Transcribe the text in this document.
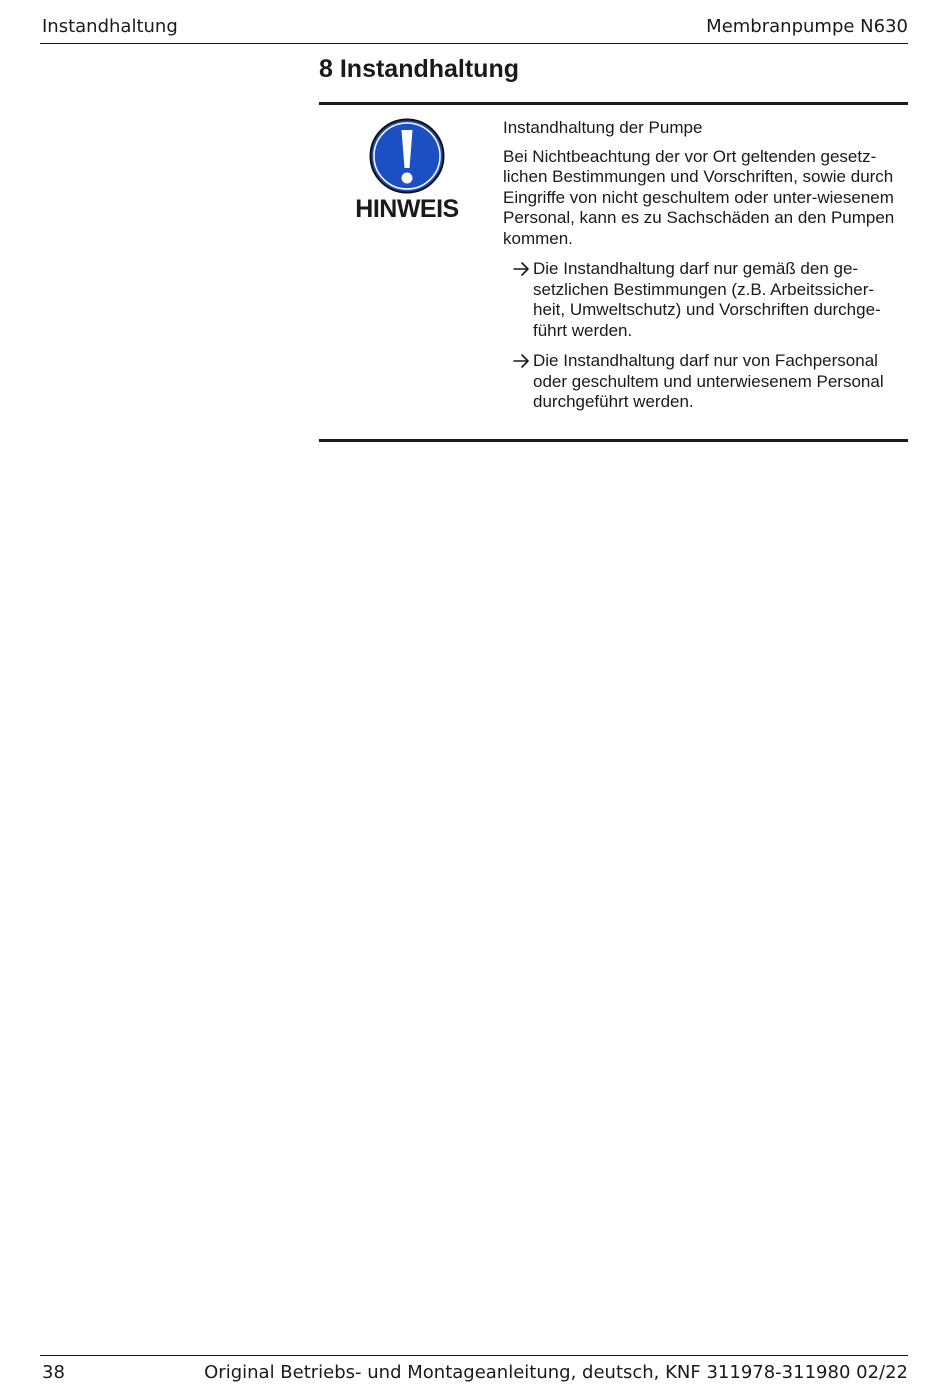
Instandhaltung	Membranpumpe N630
8 Instandhaltung
HINWEIS

Instandhaltung der Pumpe

Bei Nichtbeachtung der vor Ort geltenden gesetz-lichen Bestimmungen und Vorschriften, sowie durch Eingriffe von nicht geschultem oder unter-wiesenem Personal, kann es zu Sachschäden an den Pumpen kommen.

Die Instandhaltung darf nur gemäß den ge-setzlichen Bestimmungen (z.B. Arbeitssicher-heit, Umweltschutz) und Vorschriften durchge-führt werden.
Die Instandhaltung darf nur von Fachpersonal oder geschultem und unterwiesenem Personal durchgeführt werden.
38	Original Betriebs- und Montageanleitung, deutsch, KNF 311978-311980 02/22
